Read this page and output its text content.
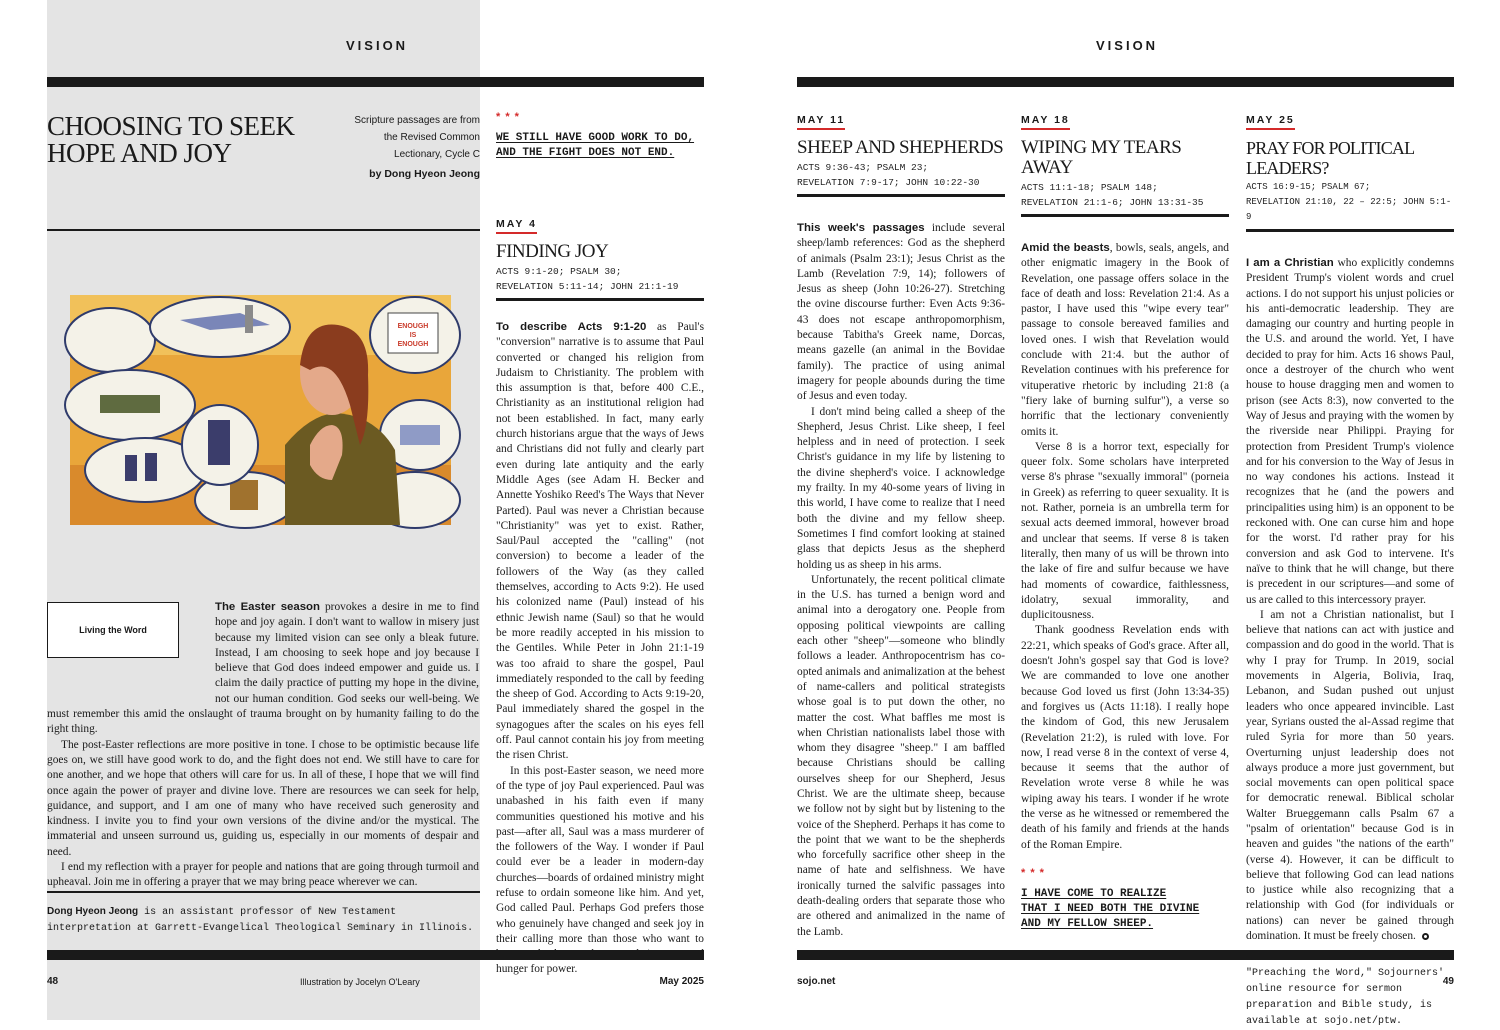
VISION	VISION
CHOOSING TO SEEK
HOPE AND JOY
Scripture passages are from the Revised Common Lectionary, Cycle C
by Dong Hyeon Jeong
ENOUGH
IS
ENOUGH
Living the Word

The Easter season provokes a desire in me to find hope and joy again. I don't want to wallow in misery just because my limited vision can see only a bleak future. Instead, I am choosing to seek hope and joy because I believe that God does indeed empower and guide us. I claim the daily practice of putting my hope in the divine, not our human condition. God seeks our well-being. We must remember this amid the onslaught of trauma brought on by humanity failing to do the right thing.

The post-Easter reflections are more positive in tone. I chose to be optimistic because life goes on, we still have good work to do, and the fight does not end. We still have to care for one another, and we hope that others will care for us. In all of these, I hope that we will find once again the power of prayer and divine love. There are resources we can seek for help, guidance, and support, and I am one of many who have received such generosity and kindness. I invite you to find your own versions of the divine and/or the mystical. The immaterial and unseen surround us, guiding us, especially in our moments of despair and need.

I end my reflection with a prayer for people and nations that are going through turmoil and upheaval. Join me in offering a prayer that we may bring peace wherever we can.

Dong Hyeon Jeong is an assistant professor of New Testament interpretation at Garrett-Evangelical Theological Seminary in Illinois.
* * *
WE STILL HAVE GOOD WORK TO DO,
AND THE FIGHT DOES NOT END.
MAY 4
FINDING JOY
ACTS 9:1-20; PSALM 30;
REVELATION 5:11-14; JOHN 21:1-19

To describe Acts 9:1-20 as Paul's "conversion" narrative is to assume that Paul converted or changed his religion from Judaism to Christianity. The problem with this assumption is that, before 400 C.E., Christianity as an institutional religion had not been established. In fact, many early church historians argue that the ways of Jews and Christians did not fully and clearly part even during late antiquity and the early Middle Ages (see Adam H. Becker and Annette Yoshiko Reed's The Ways that Never Parted). Paul was never a Christian because "Christianity" was yet to exist. Rather, Saul/Paul accepted the "calling" (not conversion) to become a leader of the followers of the Way (as they called themselves, according to Acts 9:2). He used his colonized name (Paul) instead of his ethnic Jewish name (Saul) so that he would be more readily accepted in his mission to the Gentiles. While Peter in John 21:1-19 was too afraid to share the gospel, Paul immediately responded to the call by feeding the sheep of God. According to Acts 9:19-20, Paul immediately shared the gospel in the synagogues after the scales on his eyes fell off. Paul cannot contain his joy from meeting the risen Christ.

In this post-Easter season, we need more of the type of joy Paul experienced. Paul was unabashed in his faith even if many communities questioned his motive and his past—after all, Saul was a mass murderer of the followers of the Way. I wonder if Paul could ever be a leader in modern-day churches—boards of ordained ministry might refuse to ordain someone like him. And yet, God called Paul. Perhaps God prefers those who genuinely have changed and seek joy in their calling more than those who want to hunger for power.

MAY 11
SHEEP AND SHEPHERDS
ACTS 9:36-43; PSALM 23;
REVELATION 7:9-17; JOHN 10:22-30

This week's passages include several sheep/lamb references: God as the shepherd of animals (Psalm 23:1); Jesus Christ as the Lamb (Revelation 7:9, 14); followers of Jesus as sheep (John 10:26-27). Stretching the ovine discourse further: Even Acts 9:36-43 does not escape anthropomorphism, because Tabitha's Greek name, Dorcas, means gazelle (an animal in the Bovidae family). The practice of using animal imagery for people abounds during the time of Jesus and even today.

I don't mind being called a sheep of the Shepherd, Jesus Christ. Like sheep, I feel helpless and in need of protection. I seek Christ's guidance in my life by listening to the divine shepherd's voice. I acknowledge my frailty. In my 40-some years of living in this world, I have come to realize that I need both the divine and my fellow sheep. Sometimes I find comfort looking at stained glass that depicts Jesus as the shepherd holding us as sheep in his arms.

Unfortunately, the recent political climate in the U.S. has turned a benign word and animal into a derogatory one. People from opposing political viewpoints are calling each other "sheep"—someone who blindly follows a leader. Anthropocentrism has co-opted animals and animalization at the behest of name-callers and political strategists whose goal is to put down the other, no matter the cost. What baffles me most is when Christian nationalists label those with whom they disagree "sheep." I am baffled because Christians should be calling ourselves sheep for our Shepherd, Jesus Christ. We are the ultimate sheep, because we follow not by sight but by listening to the voice of the Shepherd. Perhaps it has come to the point that we want to be the shepherds who forcefully sacrifice other sheep in the name of hate and selfishness. We have ironically turned the salvific passages into death-dealing orders that separate those who are othered and animalized in the name of the Lamb.

MAY 18
WIPING MY TEARS AWAY
ACTS 11:1-18; PSALM 148;
REVELATION 21:1-6; JOHN 13:31-35

Amid the beasts, bowls, seals, angels, and other enigmatic imagery in the Book of Revelation, one passage offers solace in the face of death and loss: Revelation 21:4. As a pastor, I have used this "wipe every tear" passage to console bereaved families and loved ones. I wish that Revelation would conclude with 21:4. but the author of Revelation continues with his preference for vituperative rhetoric by including 21:8 (a "fiery lake of burning sulfur"), a verse so horrific that the lectionary conveniently omits it.

Verse 8 is a horror text, especially for queer folx. Some scholars have interpreted verse 8's phrase "sexually immoral" (porneia in Greek) as referring to queer sexuality. It is not. Rather, porneia is an umbrella term for sexual acts deemed immoral, however broad and unclear that seems. If verse 8 is taken literally, then many of us will be thrown into the lake of fire and sulfur because we have had moments of cowardice, faithlessness, idolatry, sexual immorality, and duplicitousness.

Thank goodness Revelation ends with 22:21, which speaks of God's grace. After all, doesn't John's gospel say that God is love? We are commanded to love one another because God loved us first (John 13:34-35) and forgives us (Acts 11:18). I really hope the kindom of God, this new Jerusalem (Revelation 21:2), is ruled with love. For now, I read verse 8 in the context of verse 4, because it seems that the author of Revelation wrote verse 8 while he was wiping away his tears. I wonder if he wrote the verse as he witnessed or remembered the death of his family and friends at the hands of the Roman Empire.

* * *
I HAVE COME TO REALIZE
THAT I NEED BOTH THE DIVINE
AND MY FELLOW SHEEP.
MAY 25
PRAY FOR POLITICAL LEADERS?
ACTS 16:9-15; PSALM 67;
REVELATION 21:10, 22 – 22:5; JOHN 5:1-9

I am a Christian who explicitly condemns President Trump's violent words and cruel actions. I do not support his unjust policies or his anti-democratic leadership. They are damaging our country and hurting people in the U.S. and around the world. Yet, I have decided to pray for him. Acts 16 shows Paul, once a destroyer of the church who went house to house dragging men and women to prison (see Acts 8:3), now converted to the Way of Jesus and praying with the women by the riverside near Philippi. Praying for protection from President Trump's violence and for his conversion to the Way of Jesus in no way condones his actions. Instead it recognizes that he (and the powers and principalities using him) is an opponent to be reckoned with. One can curse him and hope for the worst. I'd rather pray for his conversion and ask God to intervene. It's naïve to think that he will change, but there is precedent in our scriptures—and some of us are called to this intercessory prayer.

I am not a Christian nationalist, but I believe that nations can act with justice and compassion and do good in the world. That is why I pray for Trump. In 2019, social movements in Algeria, Bolivia, Iraq, Lebanon, and Sudan pushed out unjust leaders who once appeared invincible. Last year, Syrians ousted the al-Assad regime that ruled Syria for more than 50 years. Overturning unjust leadership does not always produce a more just government, but social movements can open political space for democratic renewal. Biblical scholar Walter Brueggemann calls Psalm 67 a "psalm of orientation" because God is in heaven and guides "the nations of the earth" (verse 4). However, it can be difficult to believe that following God can lead nations to justice while also recognizing that a relationship with God (for individuals or nations) can never be gained through domination. It must be freely chosen.

"Preaching the Word," Sojourners' online resource for sermon preparation and Bible study, is available at sojo.net/ptw.
48	Illustration by Jocelyn O'Leary	May 2025	sojo.net	49
